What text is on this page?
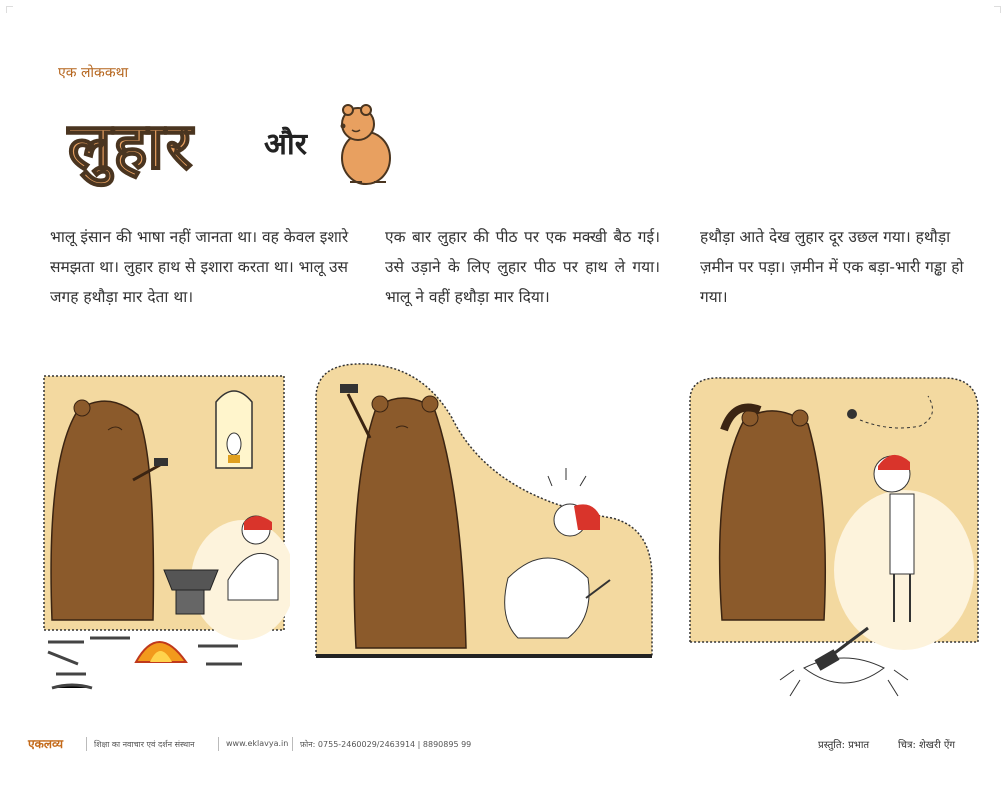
एक लोककथा
लुहार और

भालू इंसान की भाषा नहीं जानता था। वह केवल इशारे समझता था। लुहार हाथ से इशारा करता था। भालू उस जगह हथौड़ा मार देता था।

एक बार लुहार की पीठ पर एक मक्खी बैठ गई। उसे उड़ाने के लिए लुहार पीठ पर हाथ ले गया। भालू ने वहीं हथौड़ा मार दिया।

हथौड़ा आते देख लुहार दूर उछल गया। हथौड़ा ज़मीन पर पड़ा। ज़मीन में एक बड़ा-भारी गड्ढा हो गया।

एकलव्य	शिक्षा का नवाचार एवं दर्शन संस्थान	www.eklavya.in फ़ोन: 0755-2460029/2463914 | 8890895 99	प्रस्तुति: प्रभात	चित्र: शेखरी ऐंग
